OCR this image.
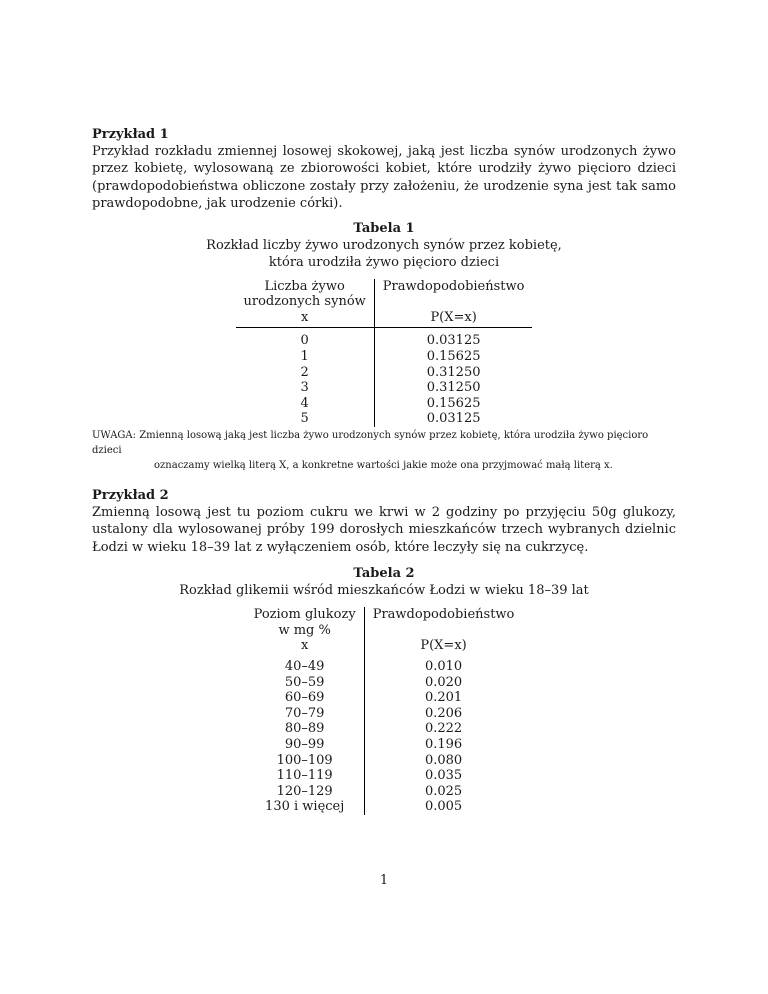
Przykład 1

Przykład rozkładu zmiennej losowej skokowej, jaką jest liczba synów urodzonych żywo przez kobietę, wylosowaną ze zbiorowości kobiet, które urodziły żywo pięcioro dzieci (prawdopodobieństwa obliczone zostały przy założeniu, że urodzenie syna jest tak samo prawdopodobne, jak urodzenie córki).

Tabela 1
Rozkład liczby żywo urodzonych synów przez kobietę,
która urodziła żywo pięcioro dzieci
Liczba żywo	Prawdopodobieństwo
urodzonych synów	
x	P(X=x)
0	0.03125
1	0.15625
2	0.31250
3	0.31250
4	0.15625
5	0.03125
UWAGA: Zmienną losową jaką jest liczba żywo urodzonych synów przez kobietę, która urodziła żywo pięcioro dzieci
oznaczamy wielką literą X, a konkretne wartości jakie może ona przyjmować małą literą x.

Przykład 2

Zmienną losową jest tu poziom cukru we krwi w 2 godziny po przyjęciu 50g glukozy, ustalony dla wylosowanej próby 199 dorosłych mieszkańców trzech wybranych dzielnic Łodzi w wieku 18–39 lat z wyłączeniem osób, które leczyły się na cukrzycę.

Tabela 2
Rozkład glikemii wśród mieszkańców Łodzi w wieku 18–39 lat
Poziom glukozy	Prawdopodobieństwo
w mg %	
x	P(X=x)
40–49	0.010
50–59	0.020
60–69	0.201
70–79	0.206
80–89	0.222
90–99	0.196
100–109	0.080
110–119	0.035
120–129	0.025
130 i więcej	0.005
1
